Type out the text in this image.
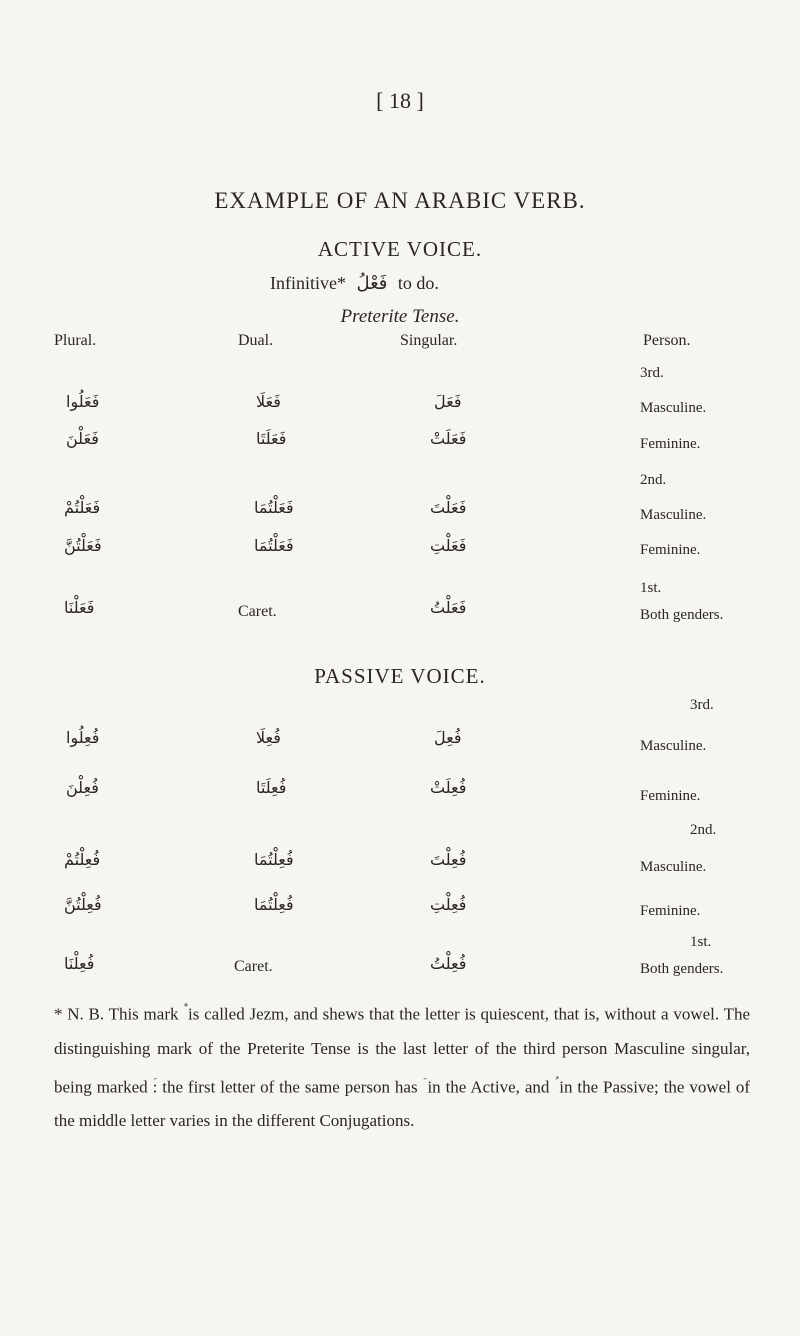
[ 18 ]
EXAMPLE OF AN ARABIC VERB.
ACTIVE VOICE.
Infinitive* فَعْلُ to do.
Preterite Tense.
Plural.	Dual.	Singular.	Person.
3rd.
فَعَلُوا	فَعَلَا	فَعَلَ	Masculine.
فَعَلْنَ	فَعَلَتَا	فَعَلَتْ	Feminine.
2nd.
فَعَلْتُمْ	فَعَلْتُمَا	فَعَلْتَ	Masculine.
فَعَلْتُنَّ	فَعَلْتُمَا	فَعَلْتِ	Feminine.
1st.
فَعَلْنَا	Caret.	فَعَلْتُ	Both genders.
PASSIVE VOICE.
3rd.
فُعِلُوا	فُعِلَا	فُعِلَ	Masculine.
فُعِلْنَ	فُعِلَتَا	فُعِلَتْ	Feminine.
2nd.
فُعِلْتُمْ	فُعِلْتُمَا	فُعِلْتَ	Masculine.
فُعِلْتُنَّ	فُعِلْتُمَا	فُعِلْتِ	Feminine.
1st.
فُعِلْنَا	Caret.	فُعِلْتُ	Both genders.
* N. B. This mark is called Jezm, and shews that the letter is quiescent, that is, without a vowel. The distinguishing mark of the Preterite Tense is the last letter of the third person Masculine singular, being marked : the first letter of the same person has in the Active, and in the Passive; the vowel of the middle letter varies in the different Conjugations.
